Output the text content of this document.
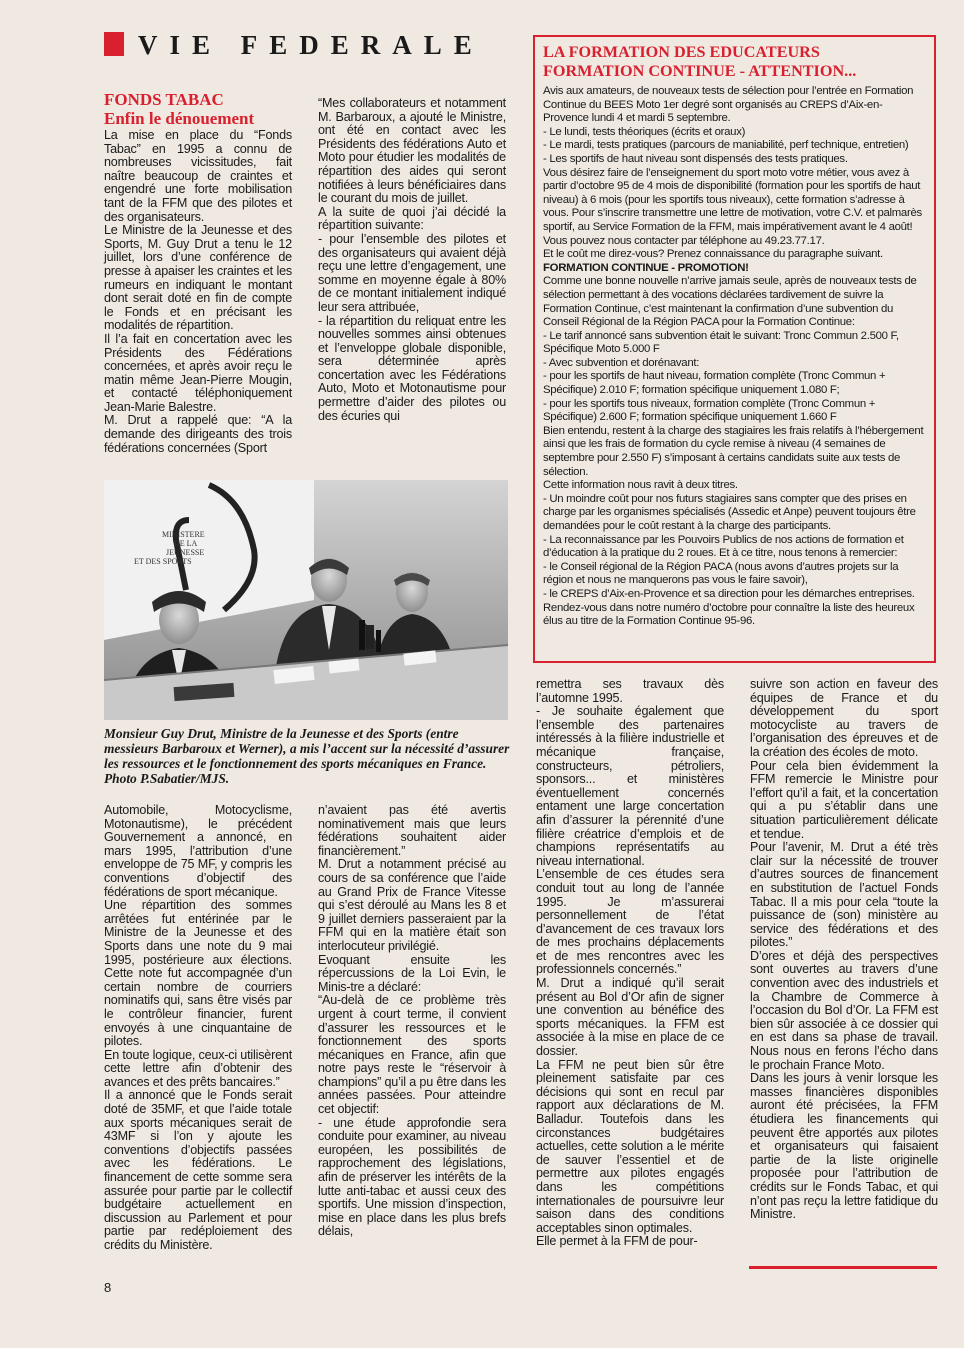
VIE FEDERALE
FONDS TABAC
Enfin le dénouement

La mise en place du “Fonds Tabac” en 1995 a connu de nombreuses vicissitudes, fait naître beaucoup de craintes et engendré une forte mobilisation tant de la FFM que des pilotes et des organisateurs.

Le Ministre de la Jeunesse et des Sports, M. Guy Drut a tenu le 12 juillet, lors d’une conférence de presse à apaiser les craintes et les rumeurs en indiquant le montant dont serait doté en fin de compte le Fonds et en précisant les modalités de répartition.

Il l’a fait en concertation avec les Présidents des Fédérations concernées, et après avoir reçu le matin même Jean-Pierre Mougin, et contacté téléphoniquement Jean-Marie Balestre.

M. Drut a rappelé que: “A la demande des dirigeants des trois fédérations concernées (Sport

“Mes collaborateurs et notamment M. Barbaroux, a ajouté le Ministre, ont été en contact avec les Présidents des fédérations Auto et Moto pour étudier les modalités de répartition des aides qui seront notifiées à leurs bénéficiaires dans le courant du mois de juillet.

A la suite de quoi j’ai décidé la répartition suivante:

- pour l’ensemble des pilotes et des organisateurs qui avaient déjà reçu une lettre d’engagement, une somme en moyenne égale à 80% de ce montant initialement indiqué leur sera attribuée,

- la répartition du reliquat entre les nouvelles sommes ainsi obtenues et l’enveloppe globale disponible, sera déterminée après concertation avec les Fédérations Auto, Moto et Motonautisme pour permettre d’aider des pilotes ou des écuries qui

MINISTERE
DE LA
JEUNESSE
ET DES SPORTS
Monsieur Guy Drut, Ministre de la Jeunesse et des Sports (entre messieurs Barbaroux et Werner), a mis l’accent sur la nécessité d’assurer les ressources et le fonctionnement des sports mécaniques en France. Photo P.Sabatier/MJS.

Automobile, Motocyclisme, Motonautisme), le précédent Gouvernement a annoncé, en mars 1995, l’attribution d’une enveloppe de 75 MF, y compris les conventions d’objectif des fédérations de sport mécanique.

Une répartition des sommes arrêtées fut entérinée par le Ministre de la Jeunesse et des Sports dans une note du 9 mai 1995, postérieure aux élections. Cette note fut accompagnée d’un certain nombre de courriers nominatifs qui, sans être visés par le contrôleur financier, furent envoyés à une cinquantaine de pilotes.

En toute logique, ceux-ci utilisèrent cette lettre afin d’obtenir des avances et des prêts bancaires.”

Il a annoncé que le Fonds serait doté de 35MF, et que l’aide totale aux sports mécaniques serait de 43MF si l’on y ajoute les conventions d’objectifs passées avec les fédérations. Le financement de cette somme sera assurée pour partie par le collectif budgétaire actuellement en discussion au Parlement et pour partie par redéploiement des crédits du Ministère.

n’avaient pas été avertis nominativement mais que leurs fédérations souhaitent aider financièrement.”

M. Drut a notamment précisé au cours de sa conférence que l’aide au Grand Prix de France Vitesse qui s’est déroulé au Mans les 8 et 9 juillet derniers passeraient par la FFM qui en la matière était son interlocuteur privilégié.

Evoquant ensuite les répercussions de la Loi Evin, le Minis-tre a déclaré:

“Au-delà de ce problème très urgent à court terme, il convient d’assurer les ressources et le fonctionnement des sports mécaniques en France, afin que notre pays reste le “réservoir à champions” qu’il a pu être dans les années passées. Pour atteindre cet objectif:

- une étude approfondie sera conduite pour examiner, au niveau européen, les possibilités de rapprochement des législations, afin de préserver les intérêts de la lutte anti-tabac et aussi ceux des sportifs. Une mission d’inspection, mise en place dans les plus brefs délais,

remettra ses travaux dès l’automne 1995.

- Je souhaite également que l’ensemble des partenaires intéressés à la filière industrielle et mécanique française, constructeurs, pétroliers, sponsors... et ministères éventuellement concernés entament une large concertation afin d’assurer la pérennité d’une filière créatrice d’emplois et de champions représentatifs au niveau international.

L’ensemble de ces études sera conduit tout au long de l’année 1995. Je m’assurerai personnellement de l’état d’avancement de ces travaux lors de mes prochains déplacements et de mes rencontres avec les professionnels concernés.”

M. Drut a indiqué qu’il serait présent au Bol d’Or afin de signer une convention au bénéfice des sports mécaniques. la FFM est associée à la mise en place de ce dossier.

La FFM ne peut bien sûr être pleinement satisfaite par ces décisions qui sont en recul par rapport aux déclarations de M. Balladur. Toutefois dans les circonstances budgétaires actuelles, cette solution a le mérite de sauver l’essentiel et de permettre aux pilotes engagés dans les compétitions internationales de poursuivre leur saison dans des conditions acceptables sinon optimales.

Elle permet à la FFM de pour-

suivre son action en faveur des équipes de France et du développement du sport motocycliste au travers de l’organisation des épreuves et de la création des écoles de moto.

Pour cela bien évidemment la FFM remercie le Ministre pour l’effort qu’il a fait, et la concertation qui a pu s’établir dans une situation particulièrement délicate et tendue.

Pour l’avenir, M. Drut a été très clair sur la nécessité de trouver d’autres sources de financement en substitution de l’actuel Fonds Tabac. Il a mis pour cela “toute la puissance de (son) ministère au service des fédérations et des pilotes.”

D’ores et déjà des perspectives sont ouvertes au travers d’une convention avec des industriels et la Chambre de Commerce à l’occasion du Bol d’Or. La FFM est bien sûr associée à ce dossier qui en est dans sa phase de travail. Nous nous en ferons l’écho dans le prochain France Moto.

Dans les jours à venir lorsque les masses financières disponibles auront été précisées, la FFM étudiera les financements qui peuvent être apportés aux pilotes et organisateurs qui faisaient partie de la liste originelle proposée pour l’attribution de crédits sur le Fonds Tabac, et qui n’ont pas reçu la lettre fatidique du Ministre.

LA FORMATION DES EDUCATEURS
FORMATION CONTINUE - ATTENTION...

Avis aux amateurs, de nouveaux tests de sélection pour l’entrée en Formation Continue du BEES Moto 1er degré sont organisés au CREPS d’Aix-en-Provence lundi 4 et mardi 5 septembre.

- Le lundi, tests théoriques (écrits et oraux)

- Le mardi, tests pratiques (parcours de maniabilité, perf technique, entretien)

- Les sportifs de haut niveau sont dispensés des tests pratiques.

Vous désirez faire de l’enseignement du sport moto votre métier, vous avez à partir d’octobre 95 de 4 mois de disponibilité (formation pour les sportifs de haut niveau) à 6 mois (pour les sportifs tous niveaux), cette formation s’adresse à vous. Pour s’inscrire transmettre une lettre de motivation, votre C.V. et palmarès sportif, au Service Formation de la FFM, mais impérativement avant le 4 août! Vous pouvez nous contacter par téléphone au 49.23.77.17.

Et le coût me direz-vous? Prenez connaissance du paragraphe suivant.

FORMATION CONTINUE - PROMOTION!

Comme une bonne nouvelle n’arrive jamais seule, après de nouveaux tests de sélection permettant à des vocations déclarées tardivement de suivre la Formation Continue, c’est maintenant la confirmation d’une subvention du Conseil Régional de la Région PACA pour la Formation Continue:

- Le tarif annoncé sans subvention était le suivant: Tronc Commun 2.500 F, Spécifique Moto 5.000 F

- Avec subvention et dorénavant:

- pour les sportifs de haut niveau, formation complète (Tronc Commun + Spécifique) 2.010 F; formation spécifique uniquement 1.080 F;

- pour les sportifs tous niveaux, formation complète (Tronc Commun + Spécifique) 2.600 F; formation spécifique uniquement 1.660 F

Bien entendu, restent à la charge des stagiaires les frais relatifs à l’hébergement ainsi que les frais de formation du cycle remise à niveau (4 semaines de septembre pour 2.550 F) s’imposant à certains candidats suite aux tests de sélection.

Cette information nous ravit à deux titres.

- Un moindre coût pour nos futurs stagiaires sans compter que des prises en charge par les organismes spécialisés (Assedic et Anpe) peuvent toujours être demandées pour le coût restant à la charge des participants.

- La reconnaissance par les Pouvoirs Publics de nos actions de formation et d’éducation à la pratique du 2 roues. Et à ce titre, nous tenons à remercier:

- le Conseil régional de la Région PACA (nous avons d’autres projets sur la région et nous ne manquerons pas vous le faire savoir),

- le CREPS d’Aix-en-Provence et sa direction pour les démarches entreprises.

Rendez-vous dans notre numéro d’octobre pour connaître la liste des heureux élus au titre de la Formation Continue 95-96.

8
